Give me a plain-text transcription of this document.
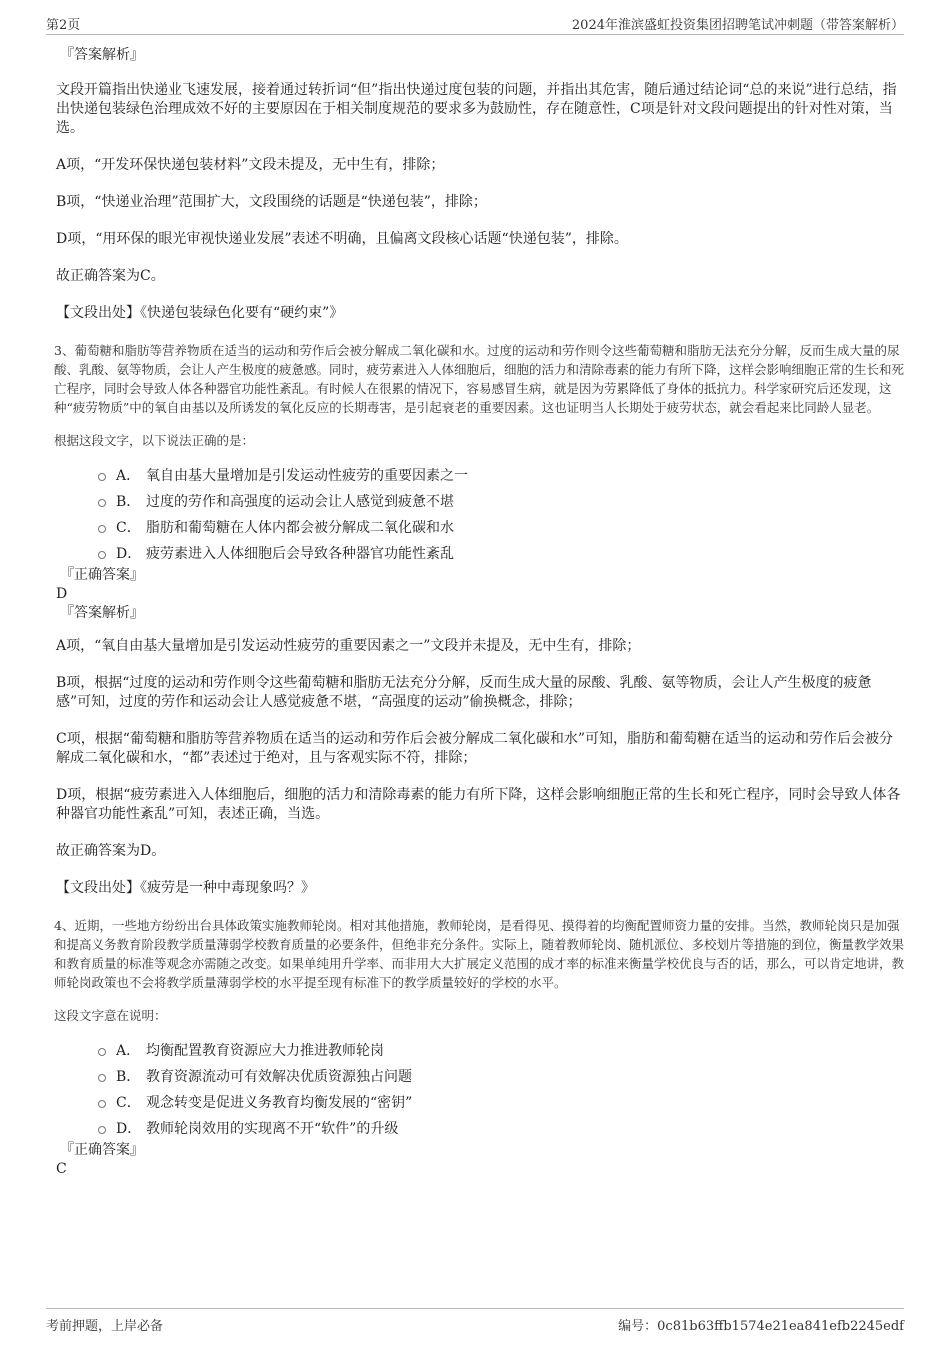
第2页	2024年淮滨盛虹投资集团招聘笔试冲刺题（带答案解析）

『答案解析』

文段开篇指出快递业飞速发展，接着通过转折词“但”指出快递过度包装的问题，并指出其危害，随后通过结论词“总的来说”进行总结，指出快递包装绿色治理成效不好的主要原因在于相关制度规范的要求多为鼓励性，存在随意性，C项是针对文段问题提出的针对性对策，当选。

A项，“开发环保快递包装材料”文段未提及，无中生有，排除；

B项，“快递业治理”范围扩大，文段围绕的话题是“快递包装”，排除；

D项，“用环保的眼光审视快递业发展”表述不明确，且偏离文段核心话题“快递包装”，排除。

故正确答案为C。

【文段出处】《快递包装绿色化要有“硬约束”》

3、葡萄糖和脂肪等营养物质在适当的运动和劳作后会被分解成二氧化碳和水。过度的运动和劳作则令这些葡萄糖和脂肪无法充分分解，反而生成大量的尿酸、乳酸、氨等物质，会让人产生极度的疲惫感。同时，疲劳素进入人体细胞后，细胞的活力和清除毒素的能力有所下降，这样会影响细胞正常的生长和死亡程序，同时会导致人体各种器官功能性紊乱。有时候人在很累的情况下，容易感冒生病，就是因为劳累降低了身体的抵抗力。科学家研究后还发现，这种“疲劳物质”中的氧自由基以及所诱发的氧化反应的长期毒害，是引起衰老的重要因素。这也证明当人长期处于疲劳状态，就会看起来比同龄人显老。

根据这段文字，以下说法正确的是：

A． 氧自由基大量增加是引发运动性疲劳的重要因素之一
B． 过度的劳作和高强度的运动会让人感觉到疲惫不堪
C． 脂肪和葡萄糖在人体内都会被分解成二氧化碳和水
D． 疲劳素进入人体细胞后会导致各种器官功能性紊乱

『正确答案』

D

『答案解析』

A项，“氧自由基大量增加是引发运动性疲劳的重要因素之一”文段并未提及，无中生有，排除；

B项，根据“过度的运动和劳作则令这些葡萄糖和脂肪无法充分分解，反而生成大量的尿酸、乳酸、氨等物质，会让人产生极度的疲惫感”可知，过度的劳作和运动会让人感觉疲惫不堪，“高强度的运动”偷换概念，排除；

C项，根据“葡萄糖和脂肪等营养物质在适当的运动和劳作后会被分解成二氧化碳和水”可知，脂肪和葡萄糖在适当的运动和劳作后会被分解成二氧化碳和水，“都”表述过于绝对，且与客观实际不符，排除；

D项，根据“疲劳素进入人体细胞后，细胞的活力和清除毒素的能力有所下降，这样会影响细胞正常的生长和死亡程序，同时会导致人体各种器官功能性紊乱”可知，表述正确，当选。

故正确答案为D。

【文段出处】《疲劳是一种中毒现象吗？》

4、近期，一些地方纷纷出台具体政策实施教师轮岗。相对其他措施，教师轮岗，是看得见、摸得着的均衡配置师资力量的安排。当然，教师轮岗只是加强和提高义务教育阶段教学质量薄弱学校教育质量的必要条件，但绝非充分条件。实际上，随着教师轮岗、随机派位、多校划片等措施的到位，衡量教学效果和教育质量的标准等观念亦需随之改变。如果单纯用升学率、而非用大大扩展定义范围的成才率的标准来衡量学校优良与否的话，那么，可以肯定地讲，教师轮岗政策也不会将教学质量薄弱学校的水平提至现有标准下的教学质量较好的学校的水平。

这段文字意在说明：

A． 均衡配置教育资源应大力推进教师轮岗
B． 教育资源流动可有效解决优质资源独占问题
C． 观念转变是促进义务教育均衡发展的“密钥”
D． 教师轮岗效用的实现离不开“软件”的升级

『正确答案』

C

考前押题，上岸必备	编号：0c81b63ffb1574e21ea841efb2245edf
